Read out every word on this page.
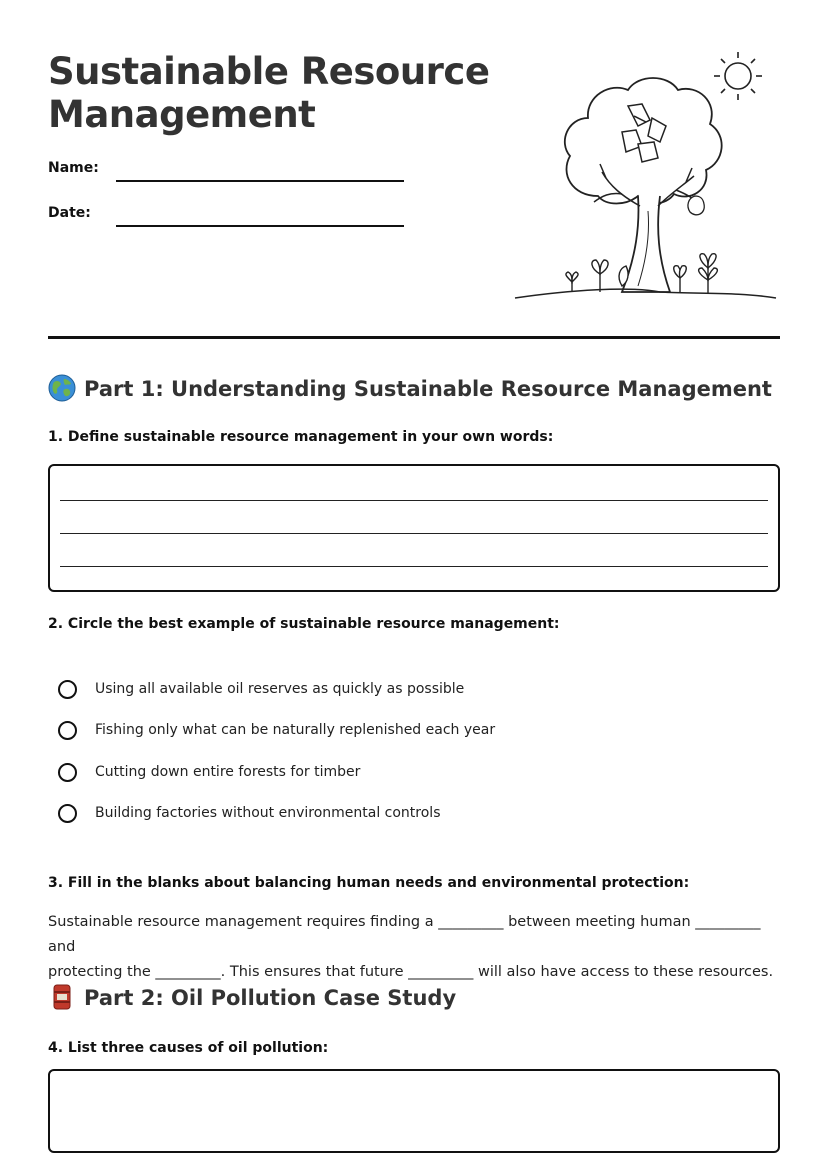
Sustainable Resource
Management
Name:
Date:
Part 1: Understanding Sustainable Resource Management
1. Define sustainable resource management in your own words:
2. Circle the best example of sustainable resource management:
Using all available oil reserves as quickly as possible
Fishing only what can be naturally replenished each year
Cutting down entire forests for timber
Building factories without environmental controls
3. Fill in the blanks about balancing human needs and environmental protection:
Sustainable resource management requires finding a _________ between meeting human _________ and
protecting the _________. This ensures that future _________ will also have access to these resources.
Part 2: Oil Pollution Case Study
4. List three causes of oil pollution:
